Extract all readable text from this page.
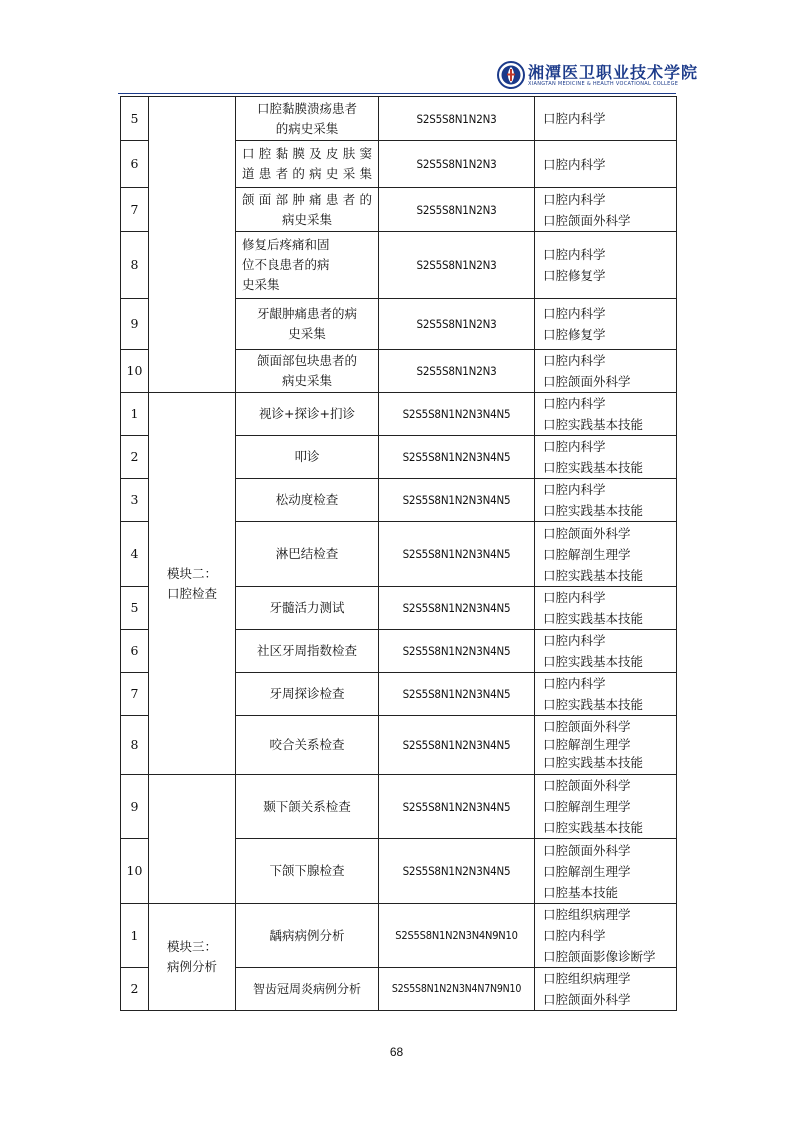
湘潭医卫职业技术学院
XIANGTAN MEDICINE & HEALTH VOCATIONAL COLLEGE
5		口腔黏膜溃疡患者
的病史采集	S2S5S8N1N2N3	口腔内科学

6		口腔黏膜及皮肤窦
道患者的病史采集	S2S5S8N1N2N3	口腔内科学

7		颌面部肿痛患者的
病史采集	S2S5S8N1N2N3	口腔内科学
口腔颌面外科学

8		修复后疼痛和固
位不良患者的病
史采集	S2S5S8N1N2N3	口腔内科学
口腔修复学

9		牙龈肿痛患者的病
史采集	S2S5S8N1N2N3	口腔内科学
口腔修复学

10		颌面部包块患者的
病史采集	S2S5S8N1N2N3	口腔内科学
口腔颌面外科学

1	模块二：
口腔检查	视诊+探诊+扪诊	S2S5S8N1N2N3N4N5	口腔内科学
口腔实践基本技能

2		叩诊	S2S5S8N1N2N3N4N5	口腔内科学
口腔实践基本技能

3		松动度检查	S2S5S8N1N2N3N4N5	口腔内科学
口腔实践基本技能

4		淋巴结检查	S2S5S8N1N2N3N4N5	口腔颌面外科学
口腔解剖生理学
口腔实践基本技能

5		牙髓活力测试	S2S5S8N1N2N3N4N5	口腔内科学
口腔实践基本技能

6		社区牙周指数检查	S2S5S8N1N2N3N4N5	口腔内科学
口腔实践基本技能

7		牙周探诊检查	S2S5S8N1N2N3N4N5	口腔内科学
口腔实践基本技能

8		咬合关系检查	S2S5S8N1N2N3N4N5	口腔颌面外科学
口腔解剖生理学
口腔实践基本技能

9		颞下颌关系检查	S2S5S8N1N2N3N4N5	口腔颌面外科学
口腔解剖生理学
口腔实践基本技能

10		下颌下腺检查	S2S5S8N1N2N3N4N5	口腔颌面外科学
口腔解剖生理学
口腔基本技能

1	模块三：
病例分析	龋病病例分析	S2S5S8N1N2N3N4N9N10	口腔组织病理学
口腔内科学
口腔颌面影像诊断学

2		智齿冠周炎病例分析	S2S5S8N1N2N3N4N7N9N10	口腔组织病理学
口腔颌面外科学
68
